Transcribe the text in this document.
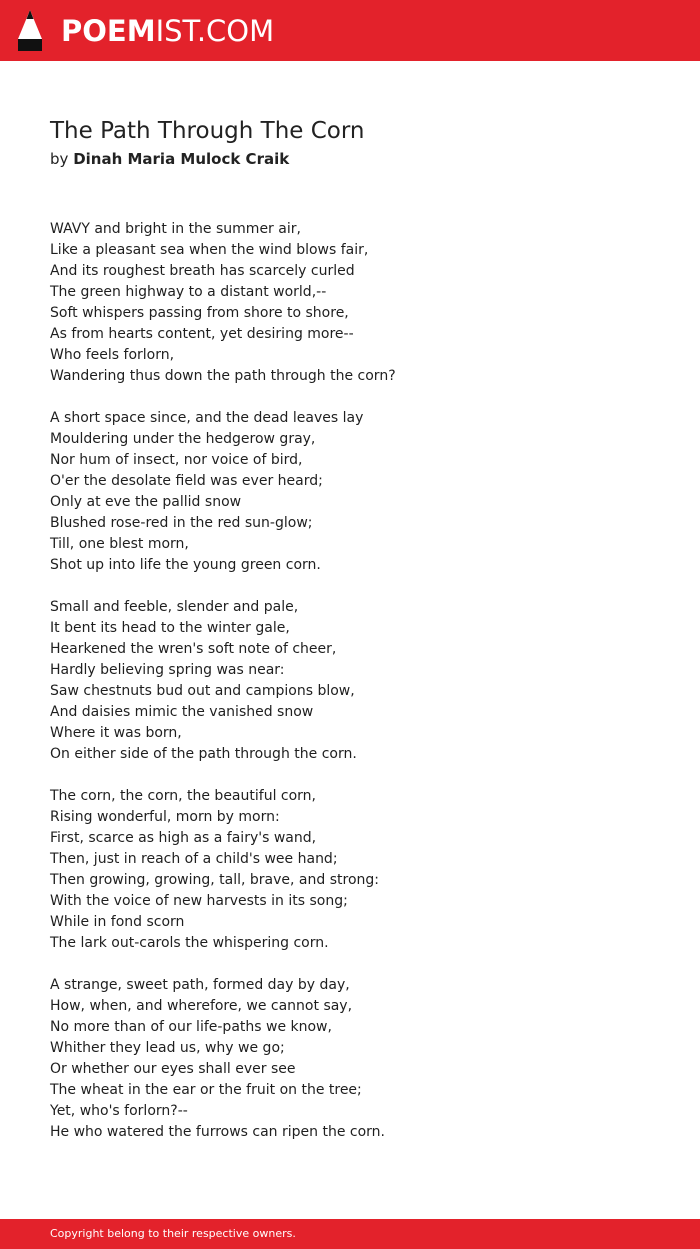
POEMIST.COM
The Path Through The Corn
by Dinah Maria Mulock Craik
WAVY and bright in the summer air,
Like a pleasant sea when the wind blows fair,
And its roughest breath has scarcely curled
The green highway to a distant world,--
Soft whispers passing from shore to shore,
As from hearts content, yet desiring more--
Who feels forlorn,
Wandering thus down the path through the corn?
A short space since, and the dead leaves lay
Mouldering under the hedgerow gray,
Nor hum of insect, nor voice of bird,
O'er the desolate field was ever heard;
Only at eve the pallid snow
Blushed rose-red in the red sun-glow;
Till, one blest morn,
Shot up into life the young green corn.
Small and feeble, slender and pale,
It bent its head to the winter gale,
Hearkened the wren's soft note of cheer,
Hardly believing spring was near:
Saw chestnuts bud out and campions blow,
And daisies mimic the vanished snow
Where it was born,
On either side of the path through the corn.
The corn, the corn, the beautiful corn,
Rising wonderful, morn by morn:
First, scarce as high as a fairy's wand,
Then, just in reach of a child's wee hand;
Then growing, growing, tall, brave, and strong:
With the voice of new harvests in its song;
While in fond scorn
The lark out-carols the whispering corn.
A strange, sweet path, formed day by day,
How, when, and wherefore, we cannot say,
No more than of our life-paths we know,
Whither they lead us, why we go;
Or whether our eyes shall ever see
The wheat in the ear or the fruit on the tree;
Yet, who's forlorn?--
He who watered the furrows can ripen the corn.
Copyright belong to their respective owners.
